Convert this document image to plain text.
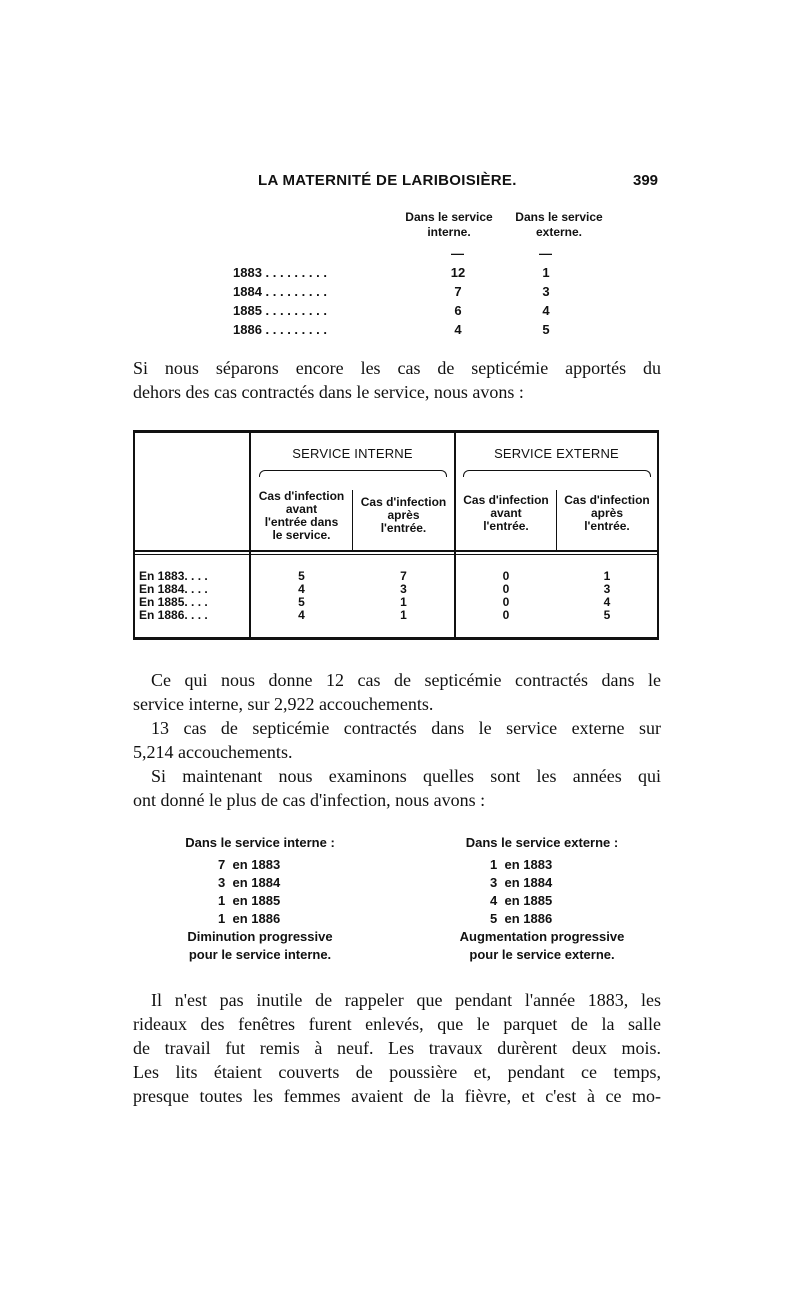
LA MATERNITÉ DE LARIBOISIÈRE.	399
Dans le service
interne.
Dans le service
externe.
—	—
1883 . . . . . . . . .	12	1
1884 . . . . . . . . .	7	3
1885 . . . . . . . . .	6	4
1886 . . . . . . . . .	4	5
Si nous séparons encore les cas de septicémie apportés du
dehors des cas contractés dans le service, nous avons :
SERVICE INTERNE	SERVICE EXTERNE
Cas d'infection
avant
l'entrée dans
le service.
Cas d'infection
après
l'entrée.
Cas d'infection
avant
l'entrée.
Cas d'infection
après
l'entrée.
En 1883. . . .	5	7	0	1
En 1884. . . .	4	3	0	3
En 1885. . . .	5	1	0	4
En 1886. . . .	4	1	0	5
Ce qui nous donne 12 cas de septicémie contractés dans le
service interne, sur 2,922 accouchements.
13 cas de septicémie contractés dans le service externe sur
5,214 accouchements.
Si maintenant nous examinons quelles sont les années qui
ont donné le plus de cas d'infection, nous avons :
Dans le service interne :
7 en 1883
3 en 1884
1 en 1885
1 en 1886
Diminution progressive
pour le service interne.
Dans le service externe :
1 en 1883
3 en 1884
4 en 1885
5 en 1886
Augmentation progressive
pour le service externe.
Il n'est pas inutile de rappeler que pendant l'année 1883, les
rideaux des fenêtres furent enlevés, que le parquet de la salle
de travail fut remis à neuf. Les travaux durèrent deux mois.
Les lits étaient couverts de poussière et, pendant ce temps,
presque toutes les femmes avaient de la fièvre, et c'est à ce mo-
